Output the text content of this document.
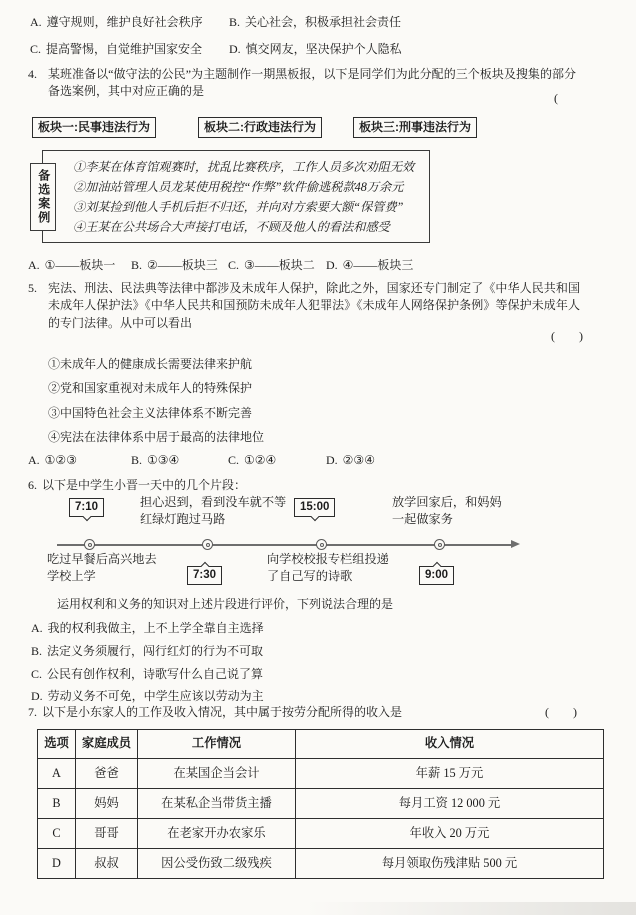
A. 遵守规则，维护良好社会秩序 B. 关心社会，积极承担社会责任
C. 提高警惕，自觉维护国家安全 D. 慎交网友，坚决保护个人隐私
4. 某班准备以“做守法的公民”为主题制作一期黑板报，以下是同学们为此分配的三个板块及搜集的部分备选案例，其中对应正确的是	(
板块一:民事违法行为	板块二:行政违法行为	板块三:刑事违法行为
①李某在体育馆观赛时，扰乱比赛秩序，工作人员多次劝阻无效
②加油站管理人员龙某使用税控“作弊”软件偷逃税款48万余元
③刘某捡到他人手机后拒不归还，并向对方索要大额“保管费”
④王某在公共场合大声接打电话，不顾及他人的看法和感受
备选案例
A. ①——板块一 B. ②——板块三 C. ③——板块二 D. ④——板块三
5. 宪法、刑法、民法典等法律中都涉及未成年人保护，除此之外，国家还专门制定了《中华人民共和国未成年人保护法》《中华人民共和国预防未成年人犯罪法》《未成年人网络保护条例》等保护未成年人的专门法律。从中可以看出
(　　)
①未成年人的健康成长需要法律来护航
②党和国家重视对未成年人的特殊保护
③中国特色社会主义法律体系不断完善
④宪法在法律体系中居于最高的法律地位
A. ①②③	B. ①③④	C. ①②④	D. ②③④
6. 以下是中学生小晋一天中的几个片段：
7:10
7:30
15:00
9:00
吃过早餐后高兴地去学校上学
担心迟到，看到没车就不等红绿灯跑过马路
向学校校报专栏组投递了自己写的诗歌
放学回家后，和妈妈一起做家务
运用权利和义务的知识对上述片段进行评价，下列说法合理的是
A. 我的权利我做主，上不上学全靠自主选择
B. 法定义务须履行，闯行红灯的行为不可取
C. 公民有创作权利，诗歌写什么自己说了算
D. 劳动义务不可免，中学生应该以劳动为主
7. 以下是小东家人的工作及收入情况，其中属于按劳分配所得的收入是	(　　)
选项	家庭成员	工作情况	收入情况
A	爸爸	在某国企当会计	年薪 15 万元
B	妈妈	在某私企当带货主播	每月工资 12 000 元
C	哥哥	在老家开办农家乐	年收入 20 万元
D	叔叔	因公受伤致二级残疾	每月领取伤残津贴 500 元
